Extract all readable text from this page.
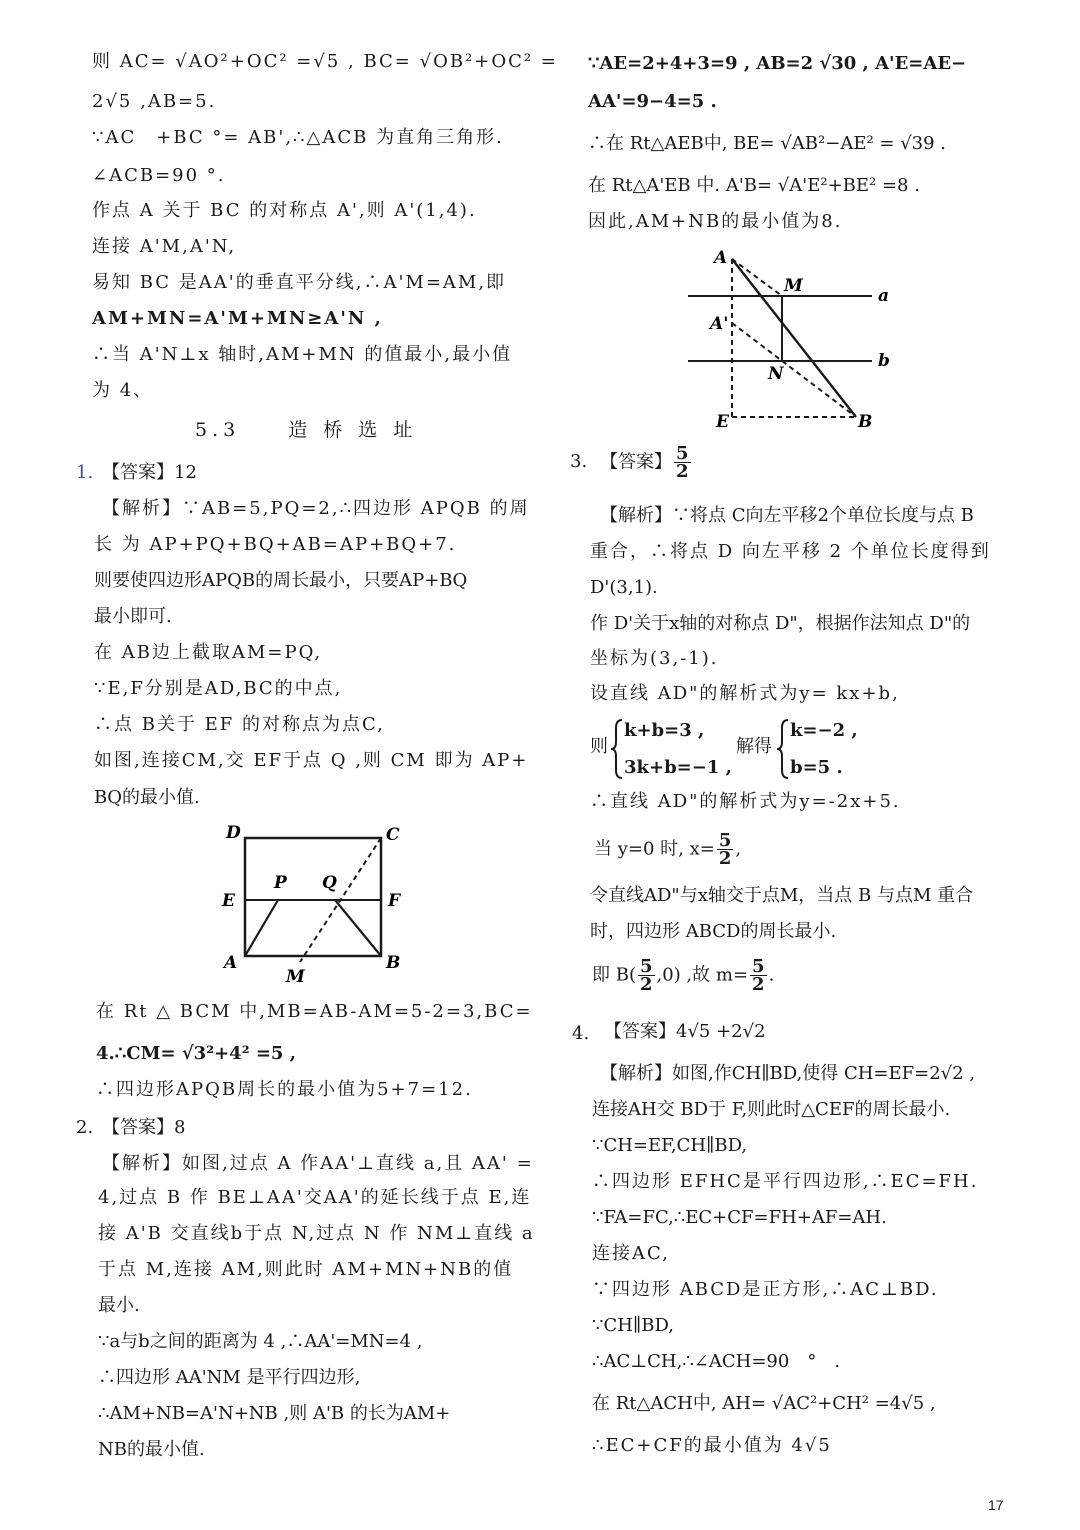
则 AC= √AO²+OC² =√5 , BC= √OB²+OC² =
2√5 ,AB=5.
∵AC　+BC °= AB',∴△ACB 为直角三角形.
∠ACB=90 °.
作点 A 关于 BC 的对称点 A',则 A'(1,4).
连接 A'M,A'N,
易知 BC 是AA'的垂直平分线,∴A'M=AM,即
AM+MN=A'M+MN≥A'N ,
∴当 A'N⊥x 轴时,AM+MN 的值最小,最小值
为 4、
5.3　　造 桥 选 址
1. 【答案】12
【解析】∵AB=5,PQ=2,∴四边形 APQB 的周
长 为 AP+PQ+BQ+AB=AP+BQ+7.
则要使四边形APQB的周长最小，只要AP+BQ
最小即可.
在 AB边上截取AM=PQ,
∵E,F分别是AD,BC的中点,
∴点 B关于 EF 的对称点为点C,
如图,连接CM,交 EF于点 Q ,则 CM 即为 AP+
BQ的最小值.
D	C
E	F
P Q
A	B
M
在 Rt △ BCM 中,MB=AB-AM=5-2=3,BC=
4.∴CM= √3²+4² =5 ,
∴四边形APQB周长的最小值为5+7=12.
2. 【答案】8
【解析】如图,过点 A 作AA'⊥直线 a,且 AA' =
4,过点 B 作 BE⊥AA'交AA'的延长线于点 E,连
接 A'B 交直线b于点 N,过点 N 作 NM⊥直线 a
于点 M,连接 AM,则此时 AM+MN+NB的值
最小.
∵a与b之间的距离为 4 ,∴AA'=MN=4 ,
∴四边形 AA'NM 是平行四边形,
∴AM+NB=A'N+NB ,则 A'B 的长为AM+
NB的最小值.
∵AE=2+4+3=9 , AB=2 √30 , A'E=AE−
AA'=9−4=5 .
∴在 Rt△AEB中, BE= √AB²−AE² = √39 .
在 Rt△A'EB 中. A'B= √A'E²+BE² =8 .
因此,AM+NB的最小值为8.
A
M	a
A'
b
N
E	B
3. 【答案】 $\frac{5}{2}$
【解析】∵将点 C向左平移2个单位长度与点 B
重合，∴将点 D 向左平移 2 个单位长度得到
D'(3,1).
作 D'关于x轴的对称点 D"，根据作法知点 D"的
坐标为(3,-1).
设直线 AD"的解析式为y= kx+b,
则
k+b=3 ,
3k+b=−1 ,
解得
k=−2 ,
b=5 .
∴直线 AD"的解析式为y=-2x+5.
当 y=0 时, $x= \frac{5}{2}$ ,
令直线AD"与x轴交于点M，当点 B 与点M 重合
时，四边形 ABCD的周长最小.
即 $B( \frac{5}{2} ,0)$ ,故 $m= \frac{5}{2}$ .
4. 【答案】4√5 +2√2
【解析】如图,作CH∥BD,使得 CH=EF=2√2 ,
连接AH交 BD于 F,则此时△CEF的周长最小.
∵CH=EF,CH∥BD,
∴四边形 EFHC是平行四边形,∴EC=FH.
∵FA=FC,∴EC+CF=FH+AF=AH.
连接AC,
∵四边形 ABCD是正方形,∴AC⊥BD.
∵CH∥BD,
∴AC⊥CH,∴∠ACH=90　°　.
在 Rt△ACH中, AH= √AC²+CH² =4√5 ,
∴EC+CF的最小值为 4√5
17
